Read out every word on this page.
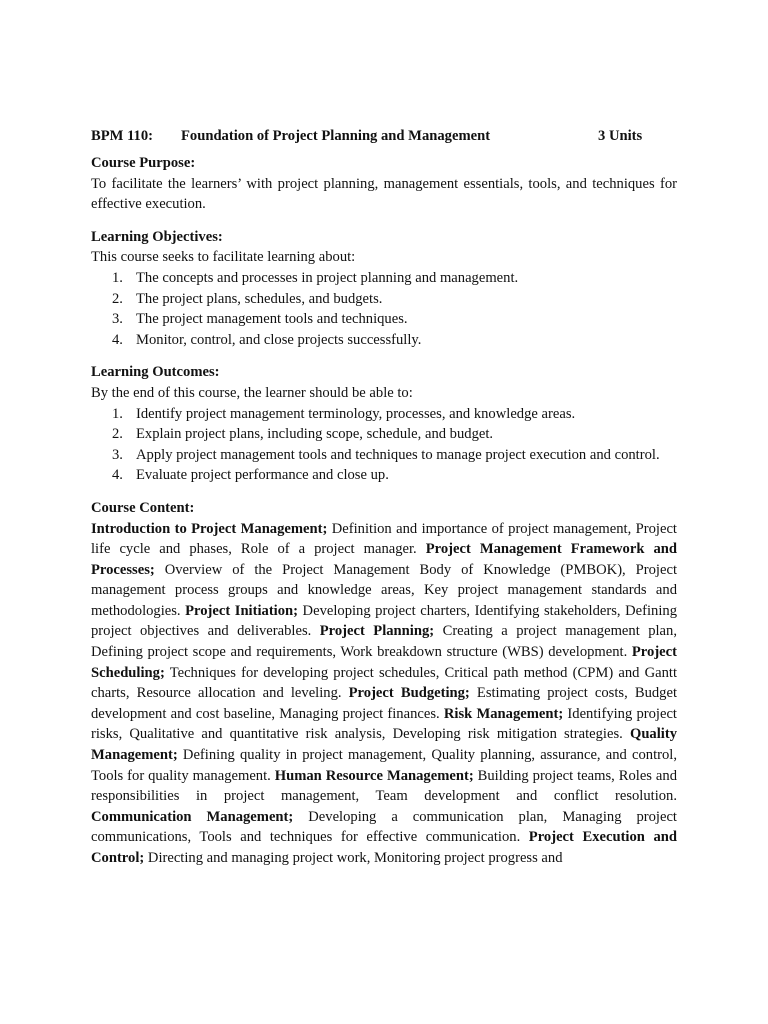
BPM 110: Foundation of Project Planning and Management	3 Units
Course Purpose:

To facilitate the learners’ with project planning, management essentials, tools, and techniques for effective execution.

Learning Objectives:

This course seeks to facilitate learning about:

1. The concepts and processes in project planning and management.
2. The project plans, schedules, and budgets.
3. The project management tools and techniques.
4. Monitor, control, and close projects successfully.
Learning Outcomes:

By the end of this course, the learner should be able to:

1. Identify project management terminology, processes, and knowledge areas.
2. Explain project plans, including scope, schedule, and budget.
3. Apply project management tools and techniques to manage project execution and control.
4. Evaluate project performance and close up.
Course Content:

Introduction to Project Management; Definition and importance of project management, Project life cycle and phases, Role of a project manager. Project Management Framework and Processes; Overview of the Project Management Body of Knowledge (PMBOK), Project management process groups and knowledge areas, Key project management standards and methodologies. Project Initiation; Developing project charters, Identifying stakeholders, Defining project objectives and deliverables. Project Planning; Creating a project management plan, Defining project scope and requirements, Work breakdown structure (WBS) development. Project Scheduling; Techniques for developing project schedules, Critical path method (CPM) and Gantt charts, Resource allocation and leveling. Project Budgeting; Estimating project costs, Budget development and cost baseline, Managing project finances. Risk Management; Identifying project risks, Qualitative and quantitative risk analysis, Developing risk mitigation strategies. Quality Management; Defining quality in project management, Quality planning, assurance, and control, Tools for quality management. Human Resource Management; Building project teams, Roles and responsibilities in project management, Team development and conflict resolution. Communication Management; Developing a communication plan, Managing project communications, Tools and techniques for effective communication. Project Execution and Control; Directing and managing project work, Monitoring project progress and
